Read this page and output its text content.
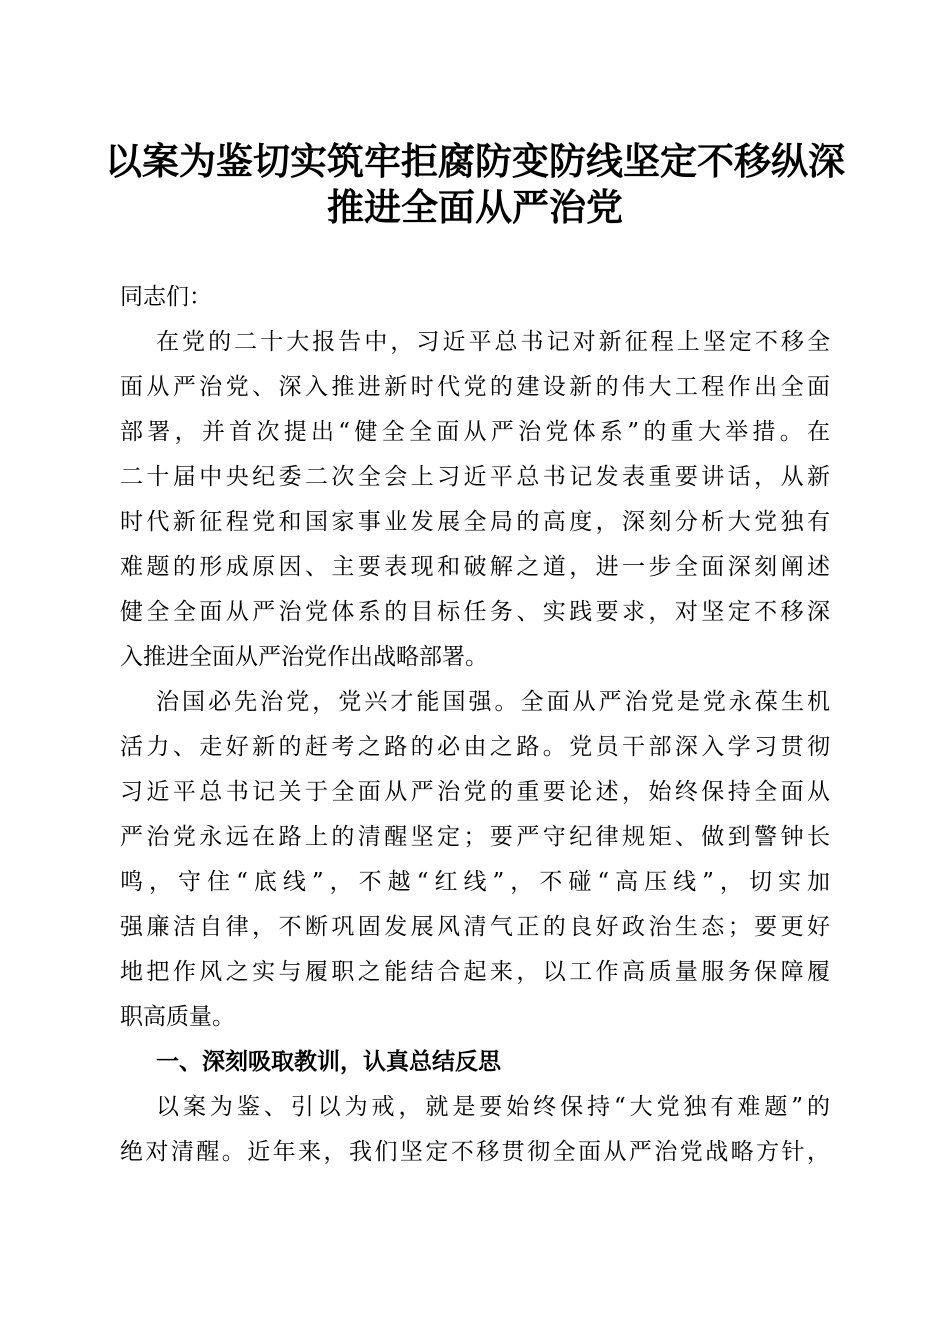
以案为鉴切实筑牢拒腐防变防线坚定不移纵深
推进全面从严治党

同志们：

在党的二十大报告中，习近平总书记对新征程上坚定不移全
面从严治党、深入推进新时代党的建设新的伟大工程作出全面
部署，并首次提出“健全全面从严治党体系”的重大举措。在
二十届中央纪委二次全会上习近平总书记发表重要讲话，从新
时代新征程党和国家事业发展全局的高度，深刻分析大党独有
难题的形成原因、主要表现和破解之道，进一步全面深刻阐述
健全全面从严治党体系的目标任务、实践要求，对坚定不移深
入推进全面从严治党作出战略部署。
治国必先治党，党兴才能国强。全面从严治党是党永葆生机
活力、走好新的赶考之路的必由之路。党员干部深入学习贯彻
习近平总书记关于全面从严治党的重要论述，始终保持全面从
严治党永远在路上的清醒坚定；要严守纪律规矩、做到警钟长
鸣，守住“底线”，不越“红线”，不碰“高压线”，切实加
强廉洁自律，不断巩固发展风清气正的良好政治生态；要更好
地把作风之实与履职之能结合起来，以工作高质量服务保障履
职高质量。
一、深刻吸取教训，认真总结反思
以案为鉴、引以为戒，就是要始终保持“大党独有难题”的
绝对清醒。近年来，我们坚定不移贯彻全面从严治党战略方针，
